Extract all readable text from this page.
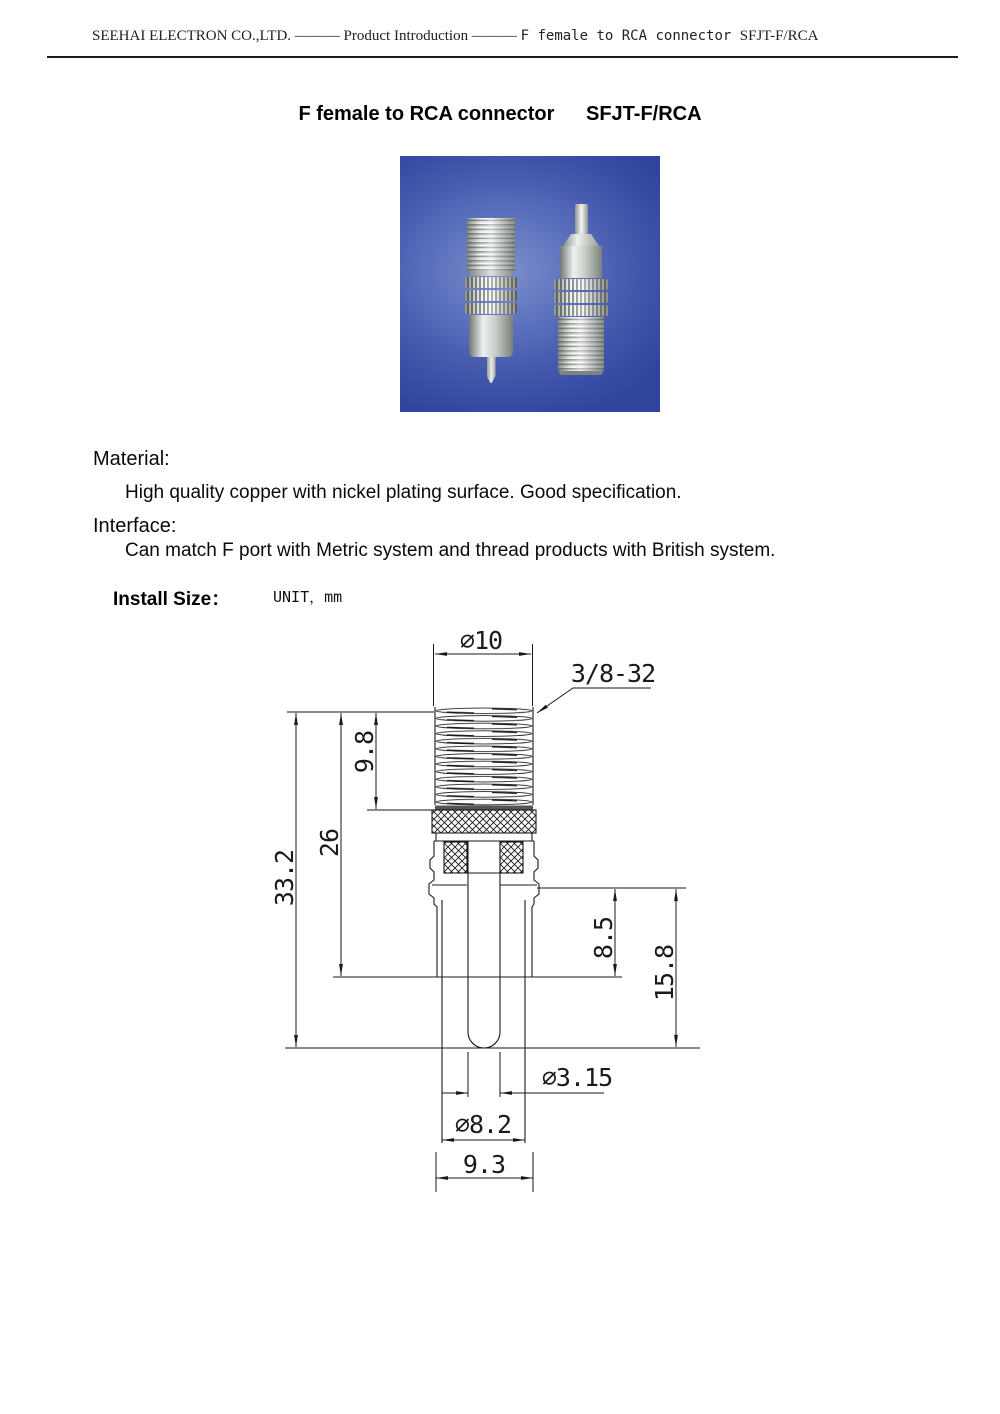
SEEHAI ELECTRON CO.,LTD. ——— Product Introduction ——— F female to RCA connector SFJT-F/RCA
F female to RCA connector SFJT-F/RCA
Material:
High quality copper with nickel plating surface. Good specification.
Interface:
Can match F port with Metric system and thread products with British system.
Install Size：	UNIT，mm
∅10
3/8-32
9.8
26
33.2
8.5
15.8
∅3.15
∅8.2
9.3
